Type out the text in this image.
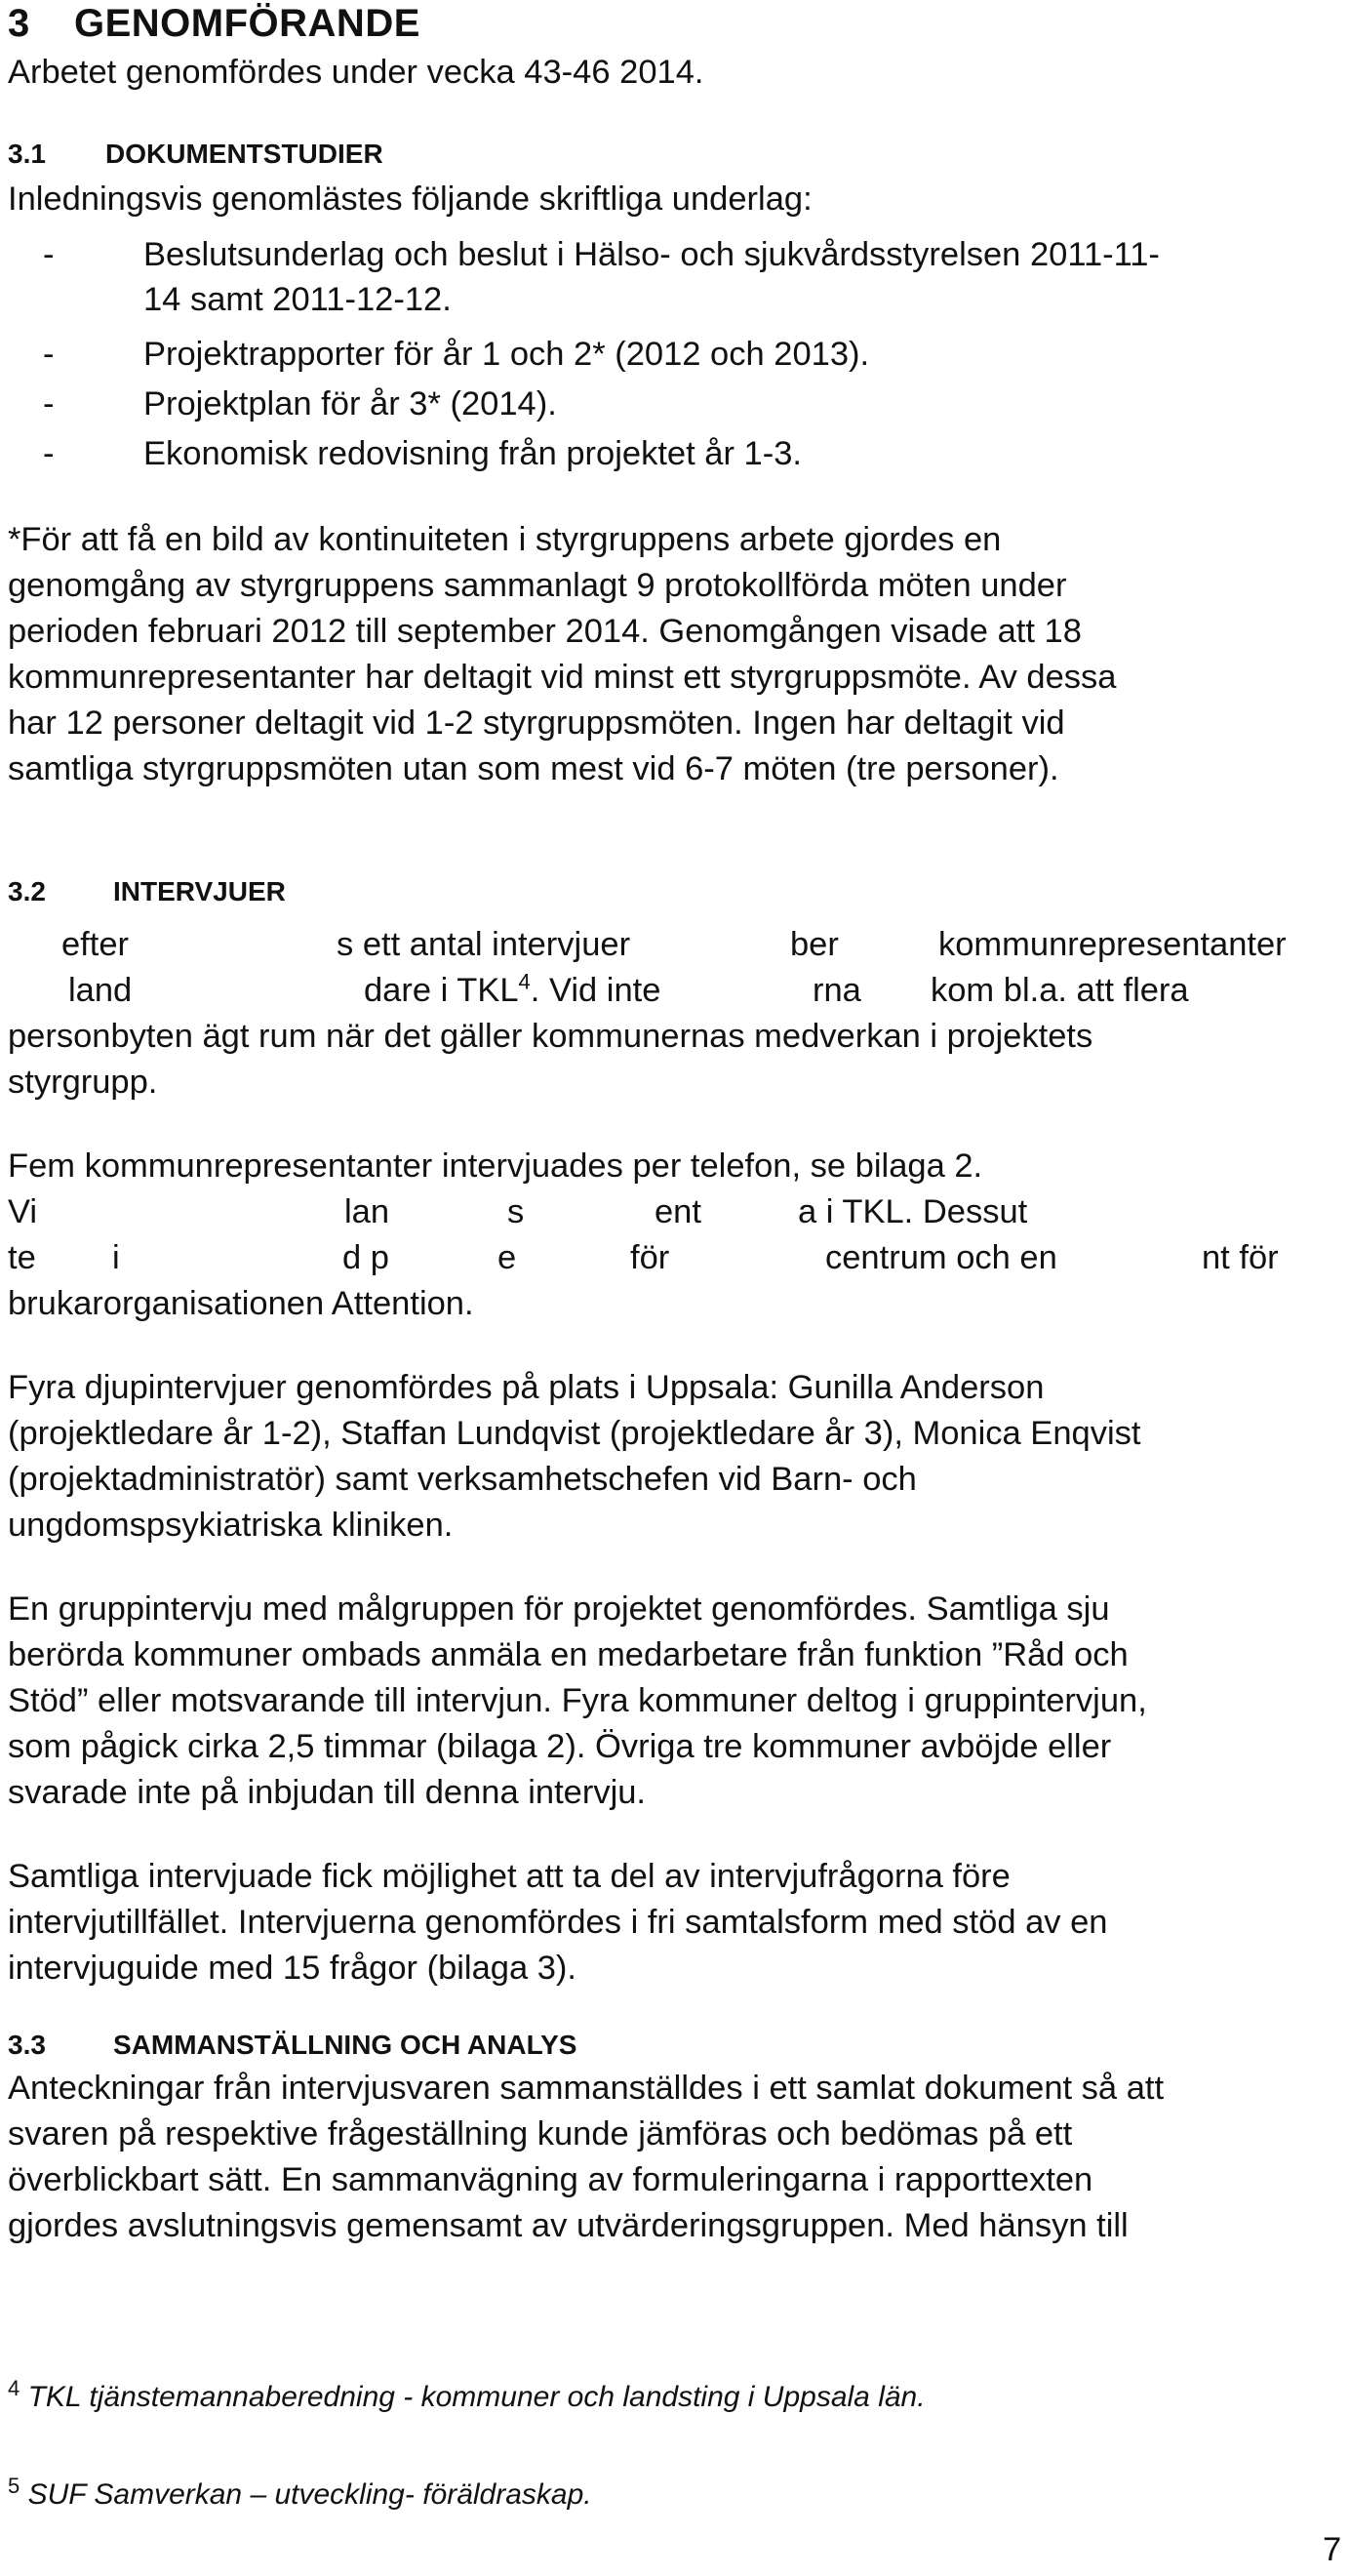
3 GENOMFÖRANDE
Arbetet genomfördes under vecka 43-46 2014.
3.1 DOKUMENTSTUDIER
Inledningsvis genomlästes följande skriftliga underlag:
-	Beslutsunderlag och beslut i Hälso- och sjukvårdsstyrelsen 2011-11-
14 samt 2011-12-12.
-	Projektrapporter för år 1 och 2* (2012 och 2013).
-	Projektplan för år 3* (2014).
-	Ekonomisk redovisning från projektet år 1-3.
*För att få en bild av kontinuiteten i styrgruppens arbete gjordes en
genomgång av styrgruppens sammanlagt 9 protokollförda möten under
perioden februari 2012 till september 2014. Genomgången visade att 18
kommunrepresentanter har deltagit vid minst ett styrgruppsmöte. Av dessa
har 12 personer deltagit vid 1-2 styrgruppsmöten. Ingen har deltagit vid
samtliga styrgruppsmöten utan som mest vid 6-7 möten (tre personer).
3.2 INTERVJUER
efter	s ett antal intervjuer	ber	kommunrepresentanter
land	dare i TKL$^4$. Vid inte	rna kom bl.a. att flera
personbyten ägt rum när det gäller kommunernas medverkan i projektets
styrgrupp.
Fem kommunrepresentanter intervjuades per telefon, se bilaga 2.
Vi	lan	s	ent	a i TKL. Dessut
te i	d p	e	för	centrum och en	nt för
brukarorganisationen Attention.
Fyra djupintervjuer genomfördes på plats i Uppsala: Gunilla Anderson
(projektledare år 1-2), Staffan Lundqvist (projektledare år 3), Monica Enqvist
(projektadministratör) samt verksamhetschefen vid Barn- och
ungdomspsykiatriska kliniken.
En gruppintervju med målgruppen för projektet genomfördes. Samtliga sju
berörda kommuner ombads anmäla en medarbetare från funktion ”Råd och
Stöd” eller motsvarande till intervjun. Fyra kommuner deltog i gruppintervjun,
som pågick cirka 2,5 timmar (bilaga 2). Övriga tre kommuner avböjde eller
svarade inte på inbjudan till denna intervju.
Samtliga intervjuade fick möjlighet att ta del av intervjufrågorna före
intervjutillfället. Intervjuerna genomfördes i fri samtalsform med stöd av en
intervjuguide med 15 frågor (bilaga 3).
3.3 SAMMANSTÄLLNING OCH ANALYS
Anteckningar från intervjusvaren sammanställdes i ett samlat dokument så att
svaren på respektive frågeställning kunde jämföras och bedömas på ett
överblickbart sätt. En sammanvägning av formuleringarna i rapporttexten
gjordes avslutningsvis gemensamt av utvärderingsgruppen. Med hänsyn till
$^4$ TKL tjänstemannaberedning - kommuner och landsting i Uppsala län.
$^5$ SUF Samverkan – utveckling- föräldraskap.
7
